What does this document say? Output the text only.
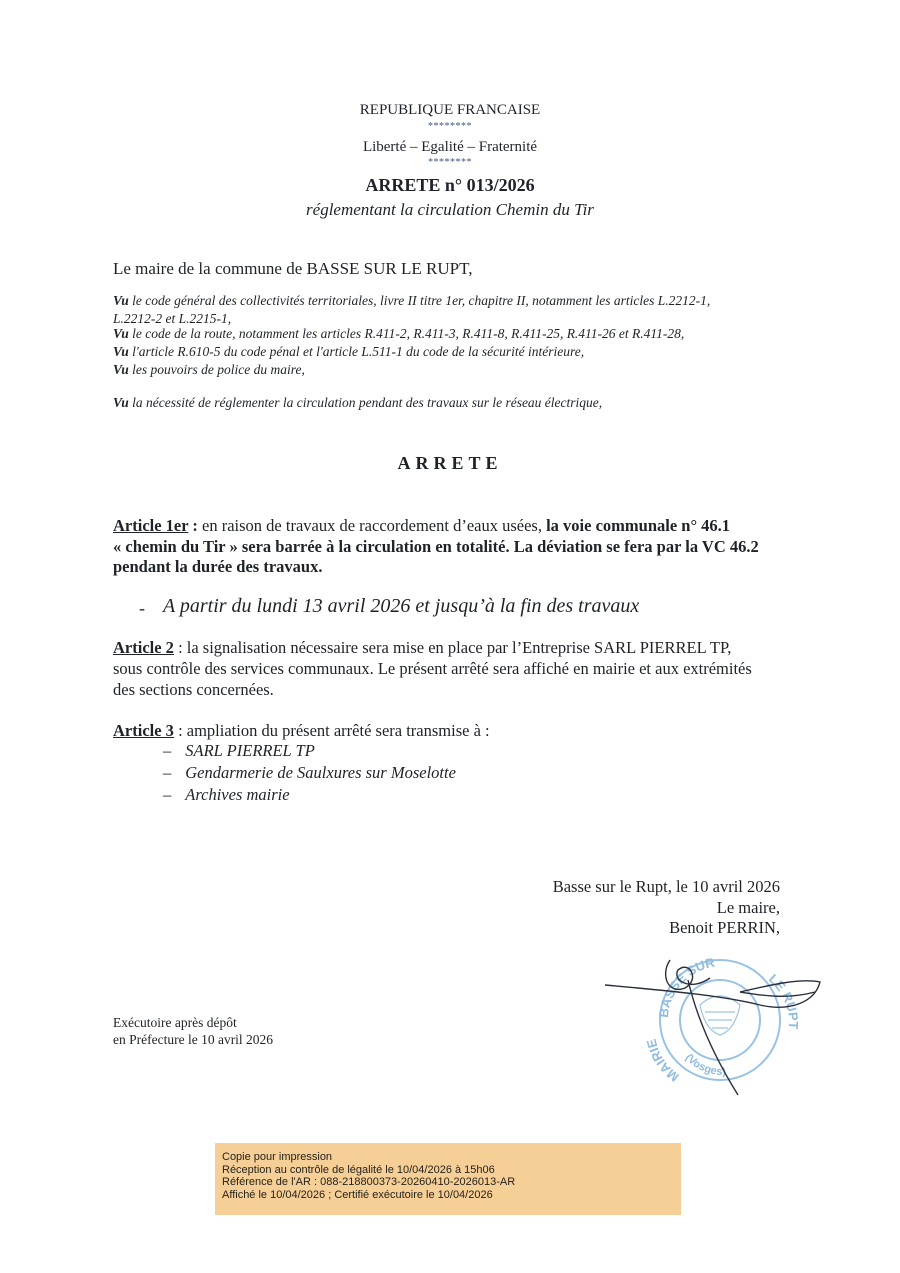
REPUBLIQUE FRANCAISE
********
Liberté – Egalité – Fraternité
********
ARRETE n° 013/2026
réglementant la circulation Chemin du Tir
Le maire de la commune de BASSE SUR LE RUPT,
Vu le code général des collectivités territoriales, livre II titre 1er, chapitre II, notamment les articles L.2212-1,
L.2212-2 et L.2215-1,
Vu le code de la route, notamment les articles R.411-2, R.411-3, R.411-8, R.411-25, R.411-26 et R.411-28,
Vu l'article R.610-5 du code pénal et l'article L.511-1 du code de la sécurité intérieure,
Vu les pouvoirs de police du maire,
Vu la nécessité de réglementer la circulation pendant des travaux sur le réseau électrique,
ARRETE
Article 1er : en raison de travaux de raccordement d’eaux usées, la voie communale n° 46.1
« chemin du Tir » sera barrée à la circulation en totalité. La déviation se fera par la VC 46.2
pendant la durée des travaux.
- A partir du lundi 13 avril 2026 et jusqu’à la fin des travaux
Article 2 : la signalisation nécessaire sera mise en place par l’Entreprise SARL PIERREL TP,
sous contrôle des services communaux. Le présent arrêté sera affiché en mairie et aux extrémités
des sections concernées.
Article 3 : ampliation du présent arrêté sera transmise à :
– SARL PIERREL TP
– Gendarmerie de Saulxures sur Moselotte
– Archives mairie
Basse sur le Rupt, le 10 avril 2026
Le maire,
Benoit PERRIN,
BASSE SUR
MAIRIE
LE RUPT
(Vosges)
Exécutoire après dépôt
en Préfecture le 10 avril 2026
Copie pour impression
Réception au contrôle de légalité le 10/04/2026 à 15h06
Référence de l'AR : 088-218800373-20260410-2026013-AR
Affiché le 10/04/2026 ; Certifié exécutoire le 10/04/2026
